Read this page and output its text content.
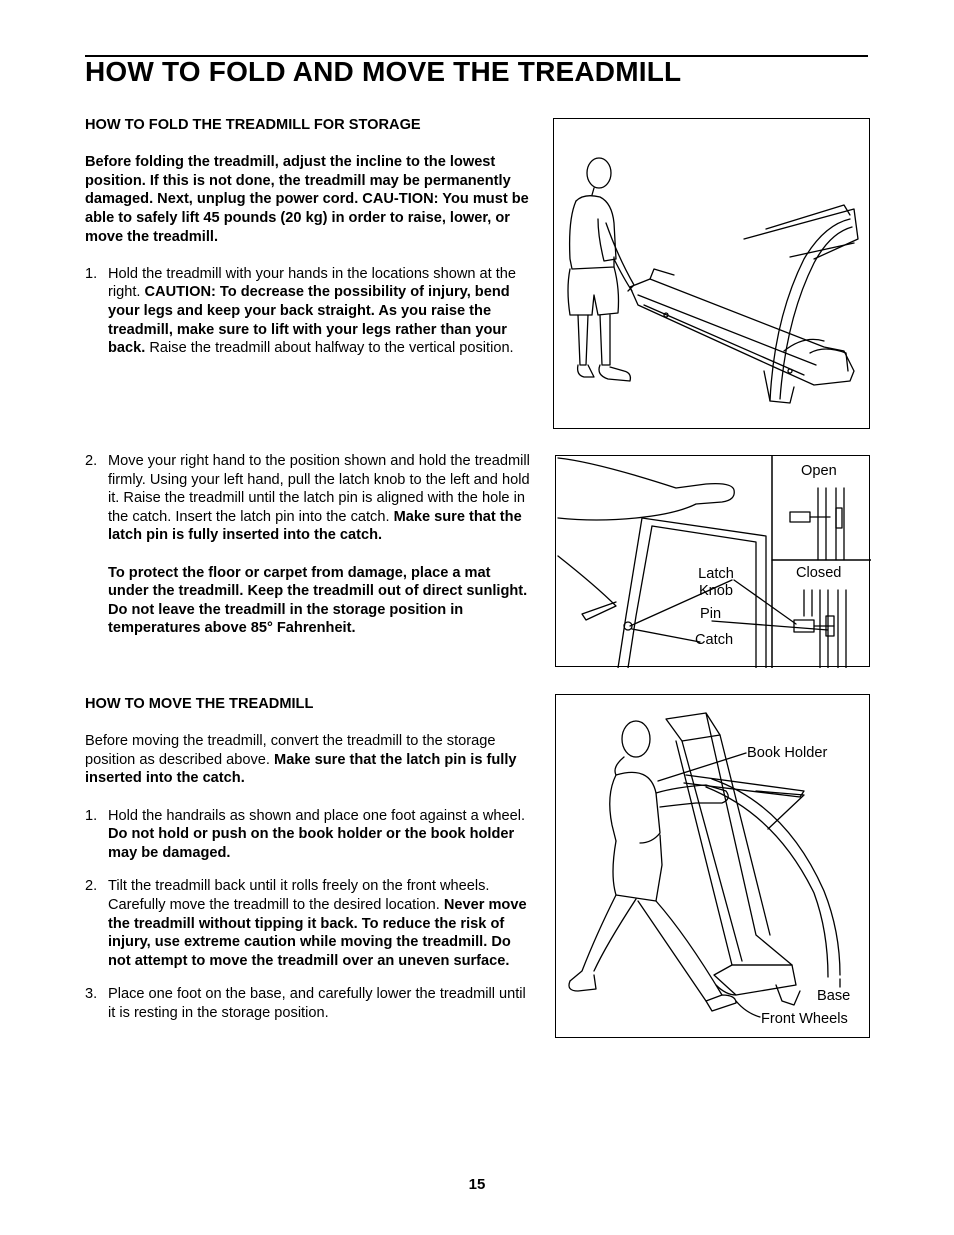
HOW TO FOLD AND MOVE THE TREADMILL

HOW TO FOLD THE TREADMILL FOR STORAGE

Before folding the treadmill, adjust the incline to the lowest position. If this is not done, the treadmill may be permanently damaged. Next, unplug the power cord. CAU-TION: You must be able to safely lift 45 pounds (20 kg) in order to raise, lower, or move the treadmill.

1. Hold the treadmill with your hands in the locations shown at the right. CAUTION: To decrease the possibility of injury, bend your legs and keep your back straight. As you raise the treadmill, make sure to lift with your legs rather than your back. Raise the treadmill about halfway to the vertical position.
2. Move your right hand to the position shown and hold the treadmill firmly. Using your left hand, pull the latch knob to the left and hold it. Raise the treadmill until the latch pin is aligned with the hole in the catch. Insert the latch pin into the catch. Make sure that the latch pin is fully inserted into the catch.

To protect the floor or carpet from damage, place a mat under the treadmill. Keep the treadmill out of direct sunlight. Do not leave the treadmill in the storage position in temperatures above 85° Fahrenheit.

HOW TO MOVE THE TREADMILL

Before moving the treadmill, convert the treadmill to the storage position as described above. Make sure that the latch pin is fully inserted into the catch.

1. Hold the handrails as shown and place one foot against a wheel. Do not hold or push on the book holder or the book holder may be damaged.
2. Tilt the treadmill back until it rolls freely on the front wheels. Carefully move the treadmill to the desired location. Never move the treadmill without tipping it back. To reduce the risk of injury, use extreme caution while moving the treadmill. Do not attempt to move the treadmill over an uneven surface.
3. Place one foot on the base, and carefully lower the treadmill until it is resting in the storage position.
Open
Closed
Latch
Knob
Pin
Catch
Book Holder
Base
Front Wheels
15
